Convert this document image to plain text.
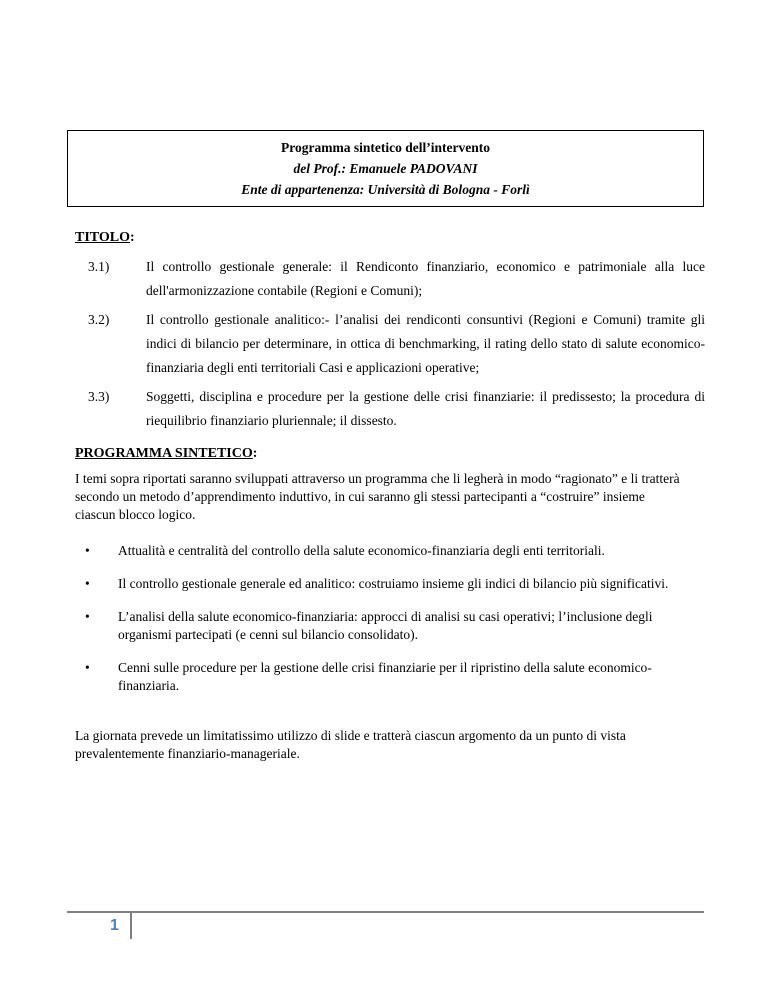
Programma sintetico dell’intervento
del Prof.: Emanuele PADOVANI
Ente di appartenenza: Università di Bologna - Forlì
TITOLO:
3.1)	Il controllo gestionale generale: il Rendiconto finanziario, economico e patrimoniale alla luce dell'armonizzazione contabile (Regioni e Comuni);
3.2)	Il controllo gestionale analitico:- l’analisi dei rendiconti consuntivi (Regioni e Comuni) tramite gli indici di bilancio per determinare, in ottica di benchmarking, il rating dello stato di salute economico-finanziaria degli enti territoriali Casi e applicazioni operative;
3.3)	Soggetti, disciplina e procedure per la gestione delle crisi finanziarie: il predissesto; la procedura di riequilibrio finanziario pluriennale; il dissesto.
PROGRAMMA SINTETICO:
I temi sopra riportati saranno sviluppati attraverso un programma che li legherà in modo “ragionato” e li tratterà secondo un metodo d’apprendimento induttivo, in cui saranno gli stessi partecipanti a “costruire” insieme ciascun blocco logico.
•	Attualità e centralità del controllo della salute economico-finanziaria degli enti territoriali.
•	Il controllo gestionale generale ed analitico: costruiamo insieme gli indici di bilancio più significativi.
•	L’analisi della salute economico-finanziaria: approcci di analisi su casi operativi; l’inclusione degli organismi partecipati (e cenni sul bilancio consolidato).
•	Cenni sulle procedure per la gestione delle crisi finanziarie per il ripristino della salute economico-finanziaria.
La giornata prevede un limitatissimo utilizzo di slide e tratterà ciascun argomento da un punto di vista prevalentemente finanziario-manageriale.
1
